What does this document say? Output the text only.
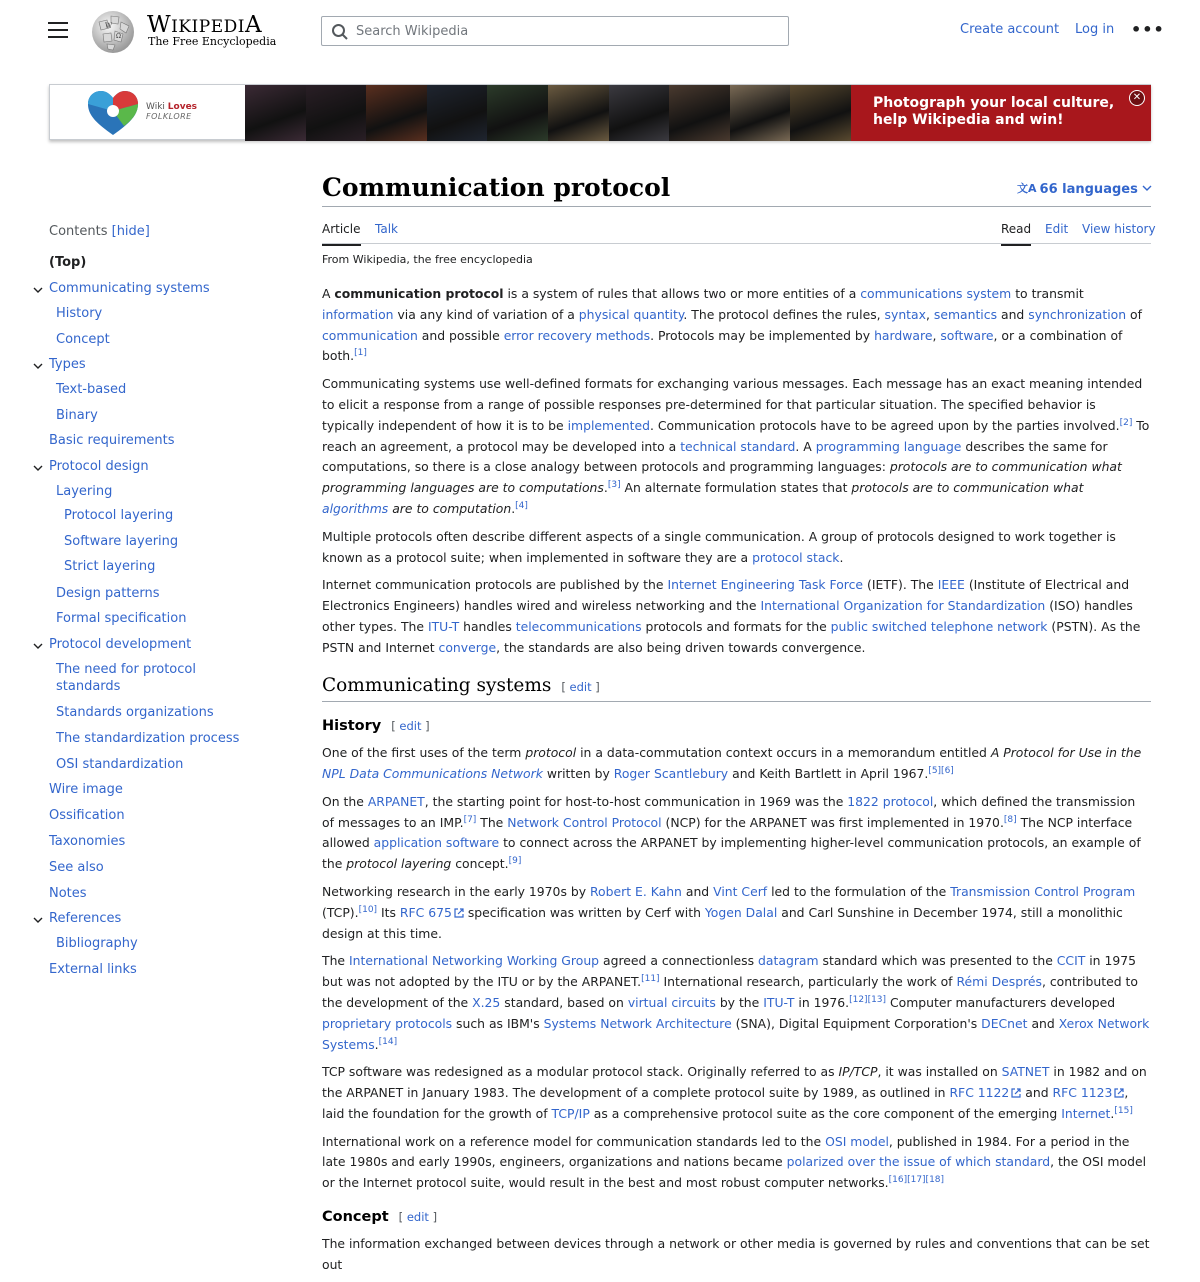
W
Ω WIKIPEDIA
The Free Encyclopedia
Search Wikipedia
Create account Log in •••
Wiki Loves
FOLKLORE
Photograph your local culture,
help Wikipedia and win!
✕
Contents [hide]
(Top)
Communicating systems
History
Concept
Types
Text-based
Binary
Basic requirements
Protocol design
Layering
Protocol layering
Software layering
Strict layering
Design patterns
Formal specification
Protocol development
The need for protocol
standards
Standards organizations
The standardization process
OSI standardization
Wire image
Ossification
Taxonomies
See also
Notes
References
Bibliography
External links
Communication protocol	文A 66 languages
Article Talk	Read Edit View history
From Wikipedia, the free encyclopedia

A communication protocol is a system of rules that allows two or more entities of a communications system to transmit information via any kind of variation of a physical quantity. The protocol defines the rules, syntax, semantics and synchronization of communication and possible error recovery methods. Protocols may be implemented by hardware, software, or a combination of both.[1]

Communicating systems use well-defined formats for exchanging various messages. Each message has an exact meaning intended to elicit a response from a range of possible responses pre-determined for that particular situation. The specified behavior is typically independent of how it is to be implemented. Communication protocols have to be agreed upon by the parties involved.[2] To reach an agreement, a protocol may be developed into a technical standard. A programming language describes the same for computations, so there is a close analogy between protocols and programming languages: protocols are to communication what programming languages are to computations.[3] An alternate formulation states that protocols are to communication what algorithms are to computation.[4]

Multiple protocols often describe different aspects of a single communication. A group of protocols designed to work together is known as a protocol suite; when implemented in software they are a protocol stack.

Internet communication protocols are published by the Internet Engineering Task Force (IETF). The IEEE (Institute of Electrical and Electronics Engineers) handles wired and wireless networking and the International Organization for Standardization (ISO) handles other types. The ITU-T handles telecommunications protocols and formats for the public switched telephone network (PSTN). As the PSTN and Internet converge, the standards are also being driven towards convergence.

Communicating systems [ edit ]
History [ edit ]

One of the first uses of the term protocol in a data-commutation context occurs in a memorandum entitled A Protocol for Use in the NPL Data Communications Network written by Roger Scantlebury and Keith Bartlett in April 1967.[5][6]

On the ARPANET, the starting point for host-to-host communication in 1969 was the 1822 protocol, which defined the transmission of messages to an IMP.[7] The Network Control Protocol (NCP) for the ARPANET was first implemented in 1970.[8] The NCP interface allowed application software to connect across the ARPANET by implementing higher-level communication protocols, an example of the protocol layering concept.[9]

Networking research in the early 1970s by Robert E. Kahn and Vint Cerf led to the formulation of the Transmission Control Program (TCP).[10] Its RFC 675 specification was written by Cerf with Yogen Dalal and Carl Sunshine in December 1974, still a monolithic design at this time.

The International Networking Working Group agreed a connectionless datagram standard which was presented to the CCIT in 1975 but was not adopted by the ITU or by the ARPANET.[11] International research, particularly the work of Rémi Després, contributed to the development of the X.25 standard, based on virtual circuits by the ITU-T in 1976.[12][13] Computer manufacturers developed proprietary protocols such as IBM's Systems Network Architecture (SNA), Digital Equipment Corporation's DECnet and Xerox Network Systems.[14]

TCP software was redesigned as a modular protocol stack. Originally referred to as IP/TCP, it was installed on SATNET in 1982 and on the ARPANET in January 1983. The development of a complete protocol suite by 1989, as outlined in RFC 1122 and RFC 1123 , laid the foundation for the growth of TCP/IP as a comprehensive protocol suite as the core component of the emerging Internet.[15]

International work on a reference model for communication standards led to the OSI model, published in 1984. For a period in the late 1980s and early 1990s, engineers, organizations and nations became polarized over the issue of which standard, the OSI model or the Internet protocol suite, would result in the best and most robust computer networks.[16][17][18]

Concept [ edit ]

The information exchanged between devices through a network or other media is governed by rules and conventions that can be set out
